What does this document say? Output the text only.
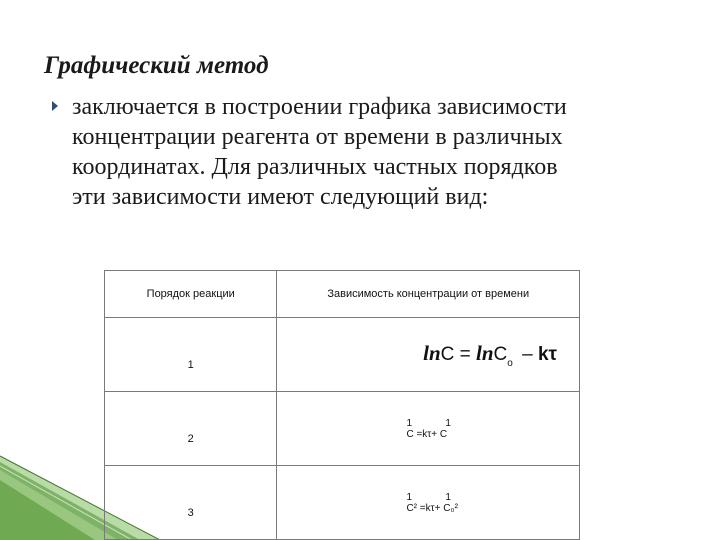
Графический метод
заключается в построении графика зависимости
концентрации реагента от времени в различных
координатах. Для различных частных порядков
эти зависимости имеют следующий вид:
Порядок реакции	Зависимость концентрации от времени
1	lnC = lnC$_o$ – kτ

2	1            1
C =kτ+ C

3	1            1
C² =kτ+ C₀²
